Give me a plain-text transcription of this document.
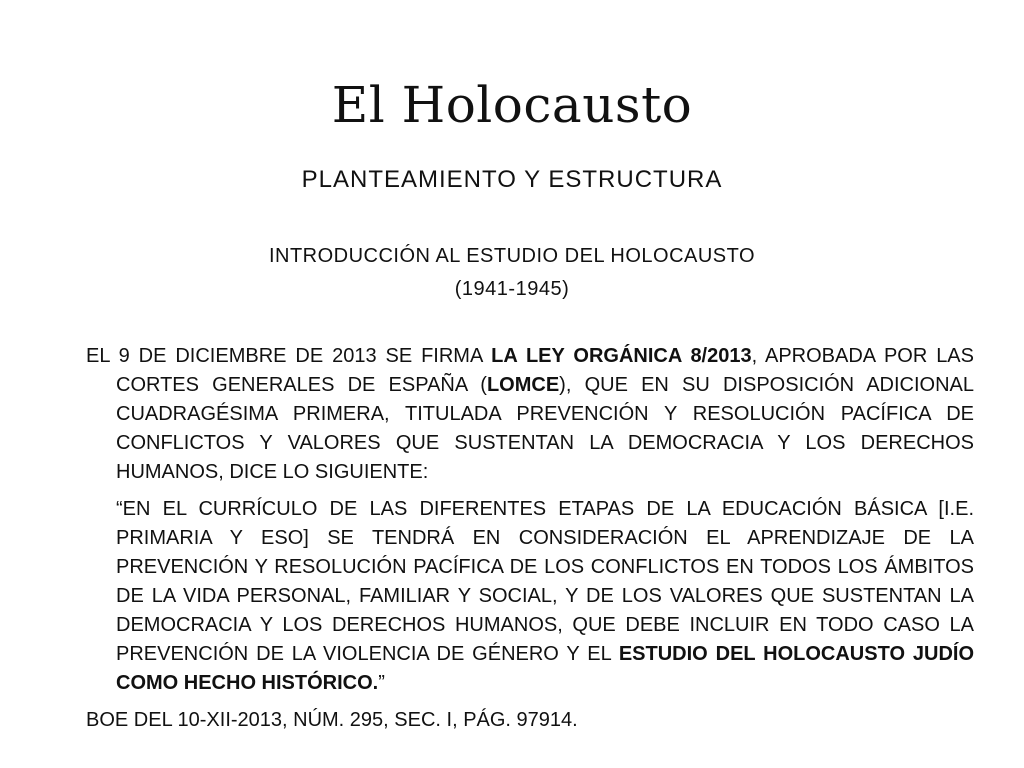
El Holocausto
PLANTEAMIENTO Y ESTRUCTURA
INTRODUCCIÓN AL ESTUDIO DEL HOLOCAUSTO
(1941-1945)

EL 9 DE DICIEMBRE DE 2013 SE FIRMA LA LEY ORGÁNICA 8/2013, APROBADA POR LAS CORTES GENERALES DE ESPAÑA (LOMCE), QUE EN SU DISPOSICIÓN ADICIONAL CUADRAGÉSIMA PRIMERA, TITULADA PREVENCIÓN Y RESOLUCIÓN PACÍFICA DE CONFLICTOS Y VALORES QUE SUSTENTAN LA DEMOCRACIA Y LOS DERECHOS HUMANOS, DICE LO SIGUIENTE:

“EN EL CURRÍCULO DE LAS DIFERENTES ETAPAS DE LA EDUCACIÓN BÁSICA [I.E. PRIMARIA Y ESO] SE TENDRÁ EN CONSIDERACIÓN EL APRENDIZAJE DE LA PREVENCIÓN Y RESOLUCIÓN PACÍFICA DE LOS CONFLICTOS EN TODOS LOS ÁMBITOS DE LA VIDA PERSONAL, FAMILIAR Y SOCIAL, Y DE LOS VALORES QUE SUSTENTAN LA DEMOCRACIA Y LOS DERECHOS HUMANOS, QUE DEBE INCLUIR EN TODO CASO LA PREVENCIÓN DE LA VIOLENCIA DE GÉNERO Y EL ESTUDIO DEL HOLOCAUSTO JUDÍO COMO HECHO HISTÓRICO.”

BOE DEL 10-XII-2013, NÚM. 295, SEC. I, PÁG. 97914.
